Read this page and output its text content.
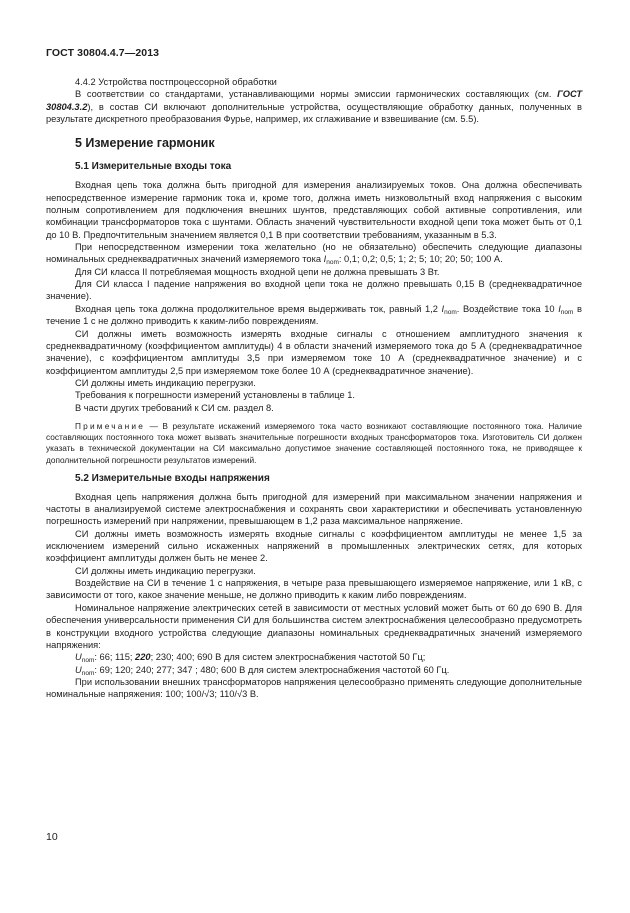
ГОСТ 30804.4.7—2013

4.4.2 Устройства постпроцессорной обработки

В соответствии со стандартами, устанавливающими нормы эмиссии гармонических составляющих (см. ГОСТ 30804.3.2), в состав СИ включают дополнительные устройства, осуществляющие обработку данных, полученных в результате дискретного преобразования Фурье, например, их сглаживание и взвешивание (см. 5.5).

5 Измерение гармоник
5.1 Измерительные входы тока

Входная цепь тока должна быть пригодной для измерения анализируемых токов. Она должна обеспечивать непосредственное измерение гармоник тока и, кроме того, должна иметь низковольтный вход напряжения с высоким полным сопротивлением для подключения внешних шунтов, представляющих собой активные сопротивления, или комбинации трансформаторов тока с шунтами. Область значений чувствительности входной цепи тока может быть от 0,1 до 10 В. Предпочтительным значением является 0,1 В при соответствии требованиям, указанным в 5.3.

При непосредственном измерении тока желательно (но не обязательно) обеспечить следующие диапазоны номинальных среднеквадратичных значений измеряемого тока $I_{nom}$: 0,1; 0,2; 0,5; 1; 2; 5; 10; 20; 50; 100 А.

Для СИ класса II потребляемая мощность входной цепи не должна превышать 3 Вт.

Для СИ класса I падение напряжения во входной цепи тока не должно превышать 0,15 В (среднеквадратичное значение).

Входная цепь тока должна продолжительное время выдерживать ток, равный 1,2 $I_{nom}$. Воздействие тока 10 $I_{nom}$ в течение 1 с не должно приводить к каким-либо повреждениям.

СИ должны иметь возможность измерять входные сигналы с отношением амплитудного значения к среднеквадратичному (коэффициентом амплитуды) 4 в области значений измеряемого тока до 5 А (среднеквадратичное значение), с коэффициентом амплитуды 3,5 при измеряемом токе 10 А (среднеквадратичное значение) и с коэффициентом амплитуды 2,5 при измеряемом токе более 10 А (среднеквадратичное значение).

СИ должны иметь индикацию перегрузки.

Требования к погрешности измерений установлены в таблице 1.

В части других требований к СИ см. раздел 8.

Примечание — В результате искажений измеряемого тока часто возникают составляющие постоянного тока. Наличие составляющих постоянного тока может вызвать значительные погрешности входных трансформаторов тока. Изготовитель СИ должен указать в технической документации на СИ максимально допустимое значение составляющей постоянного тока, не приводящее к дополнительной погрешности результатов измерений.

5.2 Измерительные входы напряжения

Входная цепь напряжения должна быть пригодной для измерений при максимальном значении напряжения и частоты в анализируемой системе электроснабжения и сохранять свои характеристики и обеспечивать установленную погрешность измерений при напряжении, превышающем в 1,2 раза максимальное напряжение.

СИ должны иметь возможность измерять входные сигналы с коэффициентом амплитуды не менее 1,5 за исключением измерений сильно искаженных напряжений в промышленных электрических сетях, для которых коэффициент амплитуды должен быть не менее 2.

СИ должны иметь индикацию перегрузки.

Воздействие на СИ в течение 1 с напряжения, в четыре раза превышающего измеряемое напряжение, или 1 кВ, с зависимости от того, какое значение меньше, не должно приводить к каким либо повреждениям.

Номинальное напряжение электрических сетей в зависимости от местных условий может быть от 60 до 690 В. Для обеспечения универсальности применения СИ для большинства систем электроснабжения целесообразно предусмотреть в конструкции входного устройства следующие диапазоны номинальных среднеквадратичных значений измеряемого напряжения:

$U_{nom}$: 66; 115; 220; 230; 400; 690 В для систем электроснабжения частотой 50 Гц;

$U_{nom}$: 69; 120; 240; 277; 347 ; 480; 600 В для систем электроснабжения частотой 60 Гц.

При использовании внешних трансформаторов напряжения целесообразно применять следующие дополнительные номинальные напряжения: 100; 100/√3; 110/√3 В.

10
